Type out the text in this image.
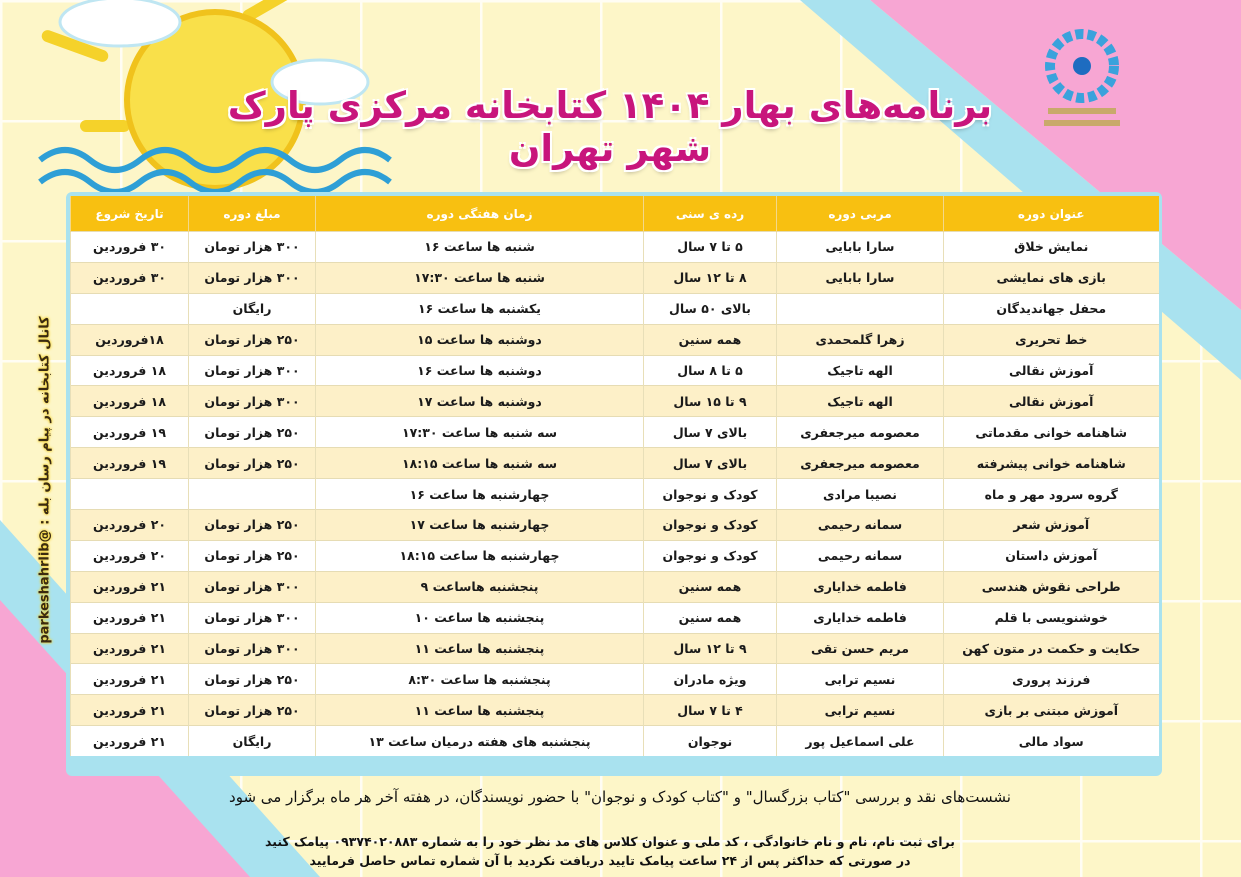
برنامه‌های بهار ۱۴۰۴ کتابخانه مرکزی پارک شهر تهران
کانال کتابخانه در پیام رسان بله : @parkeshahrlib
عنوان دوره	مربی دوره	رده ی سنی	زمان هفتگی دوره	مبلغ دوره	تاریخ شروع
نمایش خلاق	سارا بابایی	۵ تا ۷ سال	شنبه ها ساعت ۱۶	۳۰۰ هزار تومان	۳۰ فروردین
بازی های نمایشی	سارا بابایی	۸ تا ۱۲ سال	شنبه ها ساعت ۱۷:۳۰	۳۰۰ هزار تومان	۳۰ فروردین
محفل جهاندیدگان		بالای ۵۰ سال	یکشنبه ها ساعت ۱۶	رایگان	
خط تحریری	زهرا گلمحمدی	همه سنین	دوشنبه ها ساعت ۱۵	۲۵۰ هزار تومان	۱۸فروردین
آموزش نقالی	الهه تاجیک	۵ تا ۸ سال	دوشنبه ها ساعت ۱۶	۳۰۰ هزار تومان	۱۸ فروردین
آموزش نقالی	الهه تاجیک	۹ تا ۱۵ سال	دوشنبه ها ساعت ۱۷	۳۰۰ هزار تومان	۱۸ فروردین
شاهنامه خوانی مقدماتی	معصومه میرجعفری	بالای ۷ سال	سه شنبه ها ساعت ۱۷:۳۰	۲۵۰ هزار تومان	۱۹ فروردین
شاهنامه خوانی پیشرفته	معصومه میرجعفری	بالای ۷ سال	سه شنبه ها ساعت ۱۸:۱۵	۲۵۰ هزار تومان	۱۹ فروردین
گروه سرود مهر و ماه	نصیبا مرادی	کودک و نوجوان	چهارشنبه ها ساعت ۱۶		
آموزش شعر	سمانه رحیمی	کودک و نوجوان	چهارشنبه ها ساعت ۱۷	۲۵۰ هزار تومان	۲۰ فروردین
آموزش داستان	سمانه رحیمی	کودک و نوجوان	چهارشنبه ها ساعت ۱۸:۱۵	۲۵۰ هزار تومان	۲۰ فروردین
طراحی نقوش هندسی	فاطمه خدایاری	همه سنین	پنجشنبه هاساعت ۹	۳۰۰ هزار تومان	۲۱ فروردین
خوشنویسی با قلم	فاطمه خدایاری	همه سنین	پنجشنبه ها ساعت ۱۰	۳۰۰ هزار تومان	۲۱ فروردین
حکایت و حکمت در متون کهن	مریم حسن تقی	۹ تا ۱۲ سال	پنجشنبه ها ساعت ۱۱	۳۰۰ هزار تومان	۲۱ فروردین
فرزند پروری	نسیم ترابی	ویژه مادران	پنجشنبه ها ساعت ۸:۳۰	۲۵۰ هزار تومان	۲۱ فروردین
آموزش مبتنی بر بازی	نسیم ترابی	۴ تا ۷ سال	پنجشنبه ها ساعت ۱۱	۲۵۰ هزار تومان	۲۱ فروردین
سواد مالی	علی اسماعیل پور	نوجوان	پنجشنبه های هفته درمیان ساعت ۱۳	رایگان	۲۱ فروردین
نشست‌های نقد و بررسی "کتاب بزرگسال" و "کتاب کودک و نوجوان" با حضور نویسندگان، در هفته آخر هر ماه برگزار می شود
برای ثبت نام، نام و نام خانوادگی ، کد ملی و عنوان کلاس های مد نظر خود را به شماره ۰۹۳۷۴۰۲۰۸۸۳ پیامک کنید
در صورتی که حداکثر پس از ۲۴ ساعت پیامک تایید دریافت نکردید با آن شماره تماس حاصل فرمایید
